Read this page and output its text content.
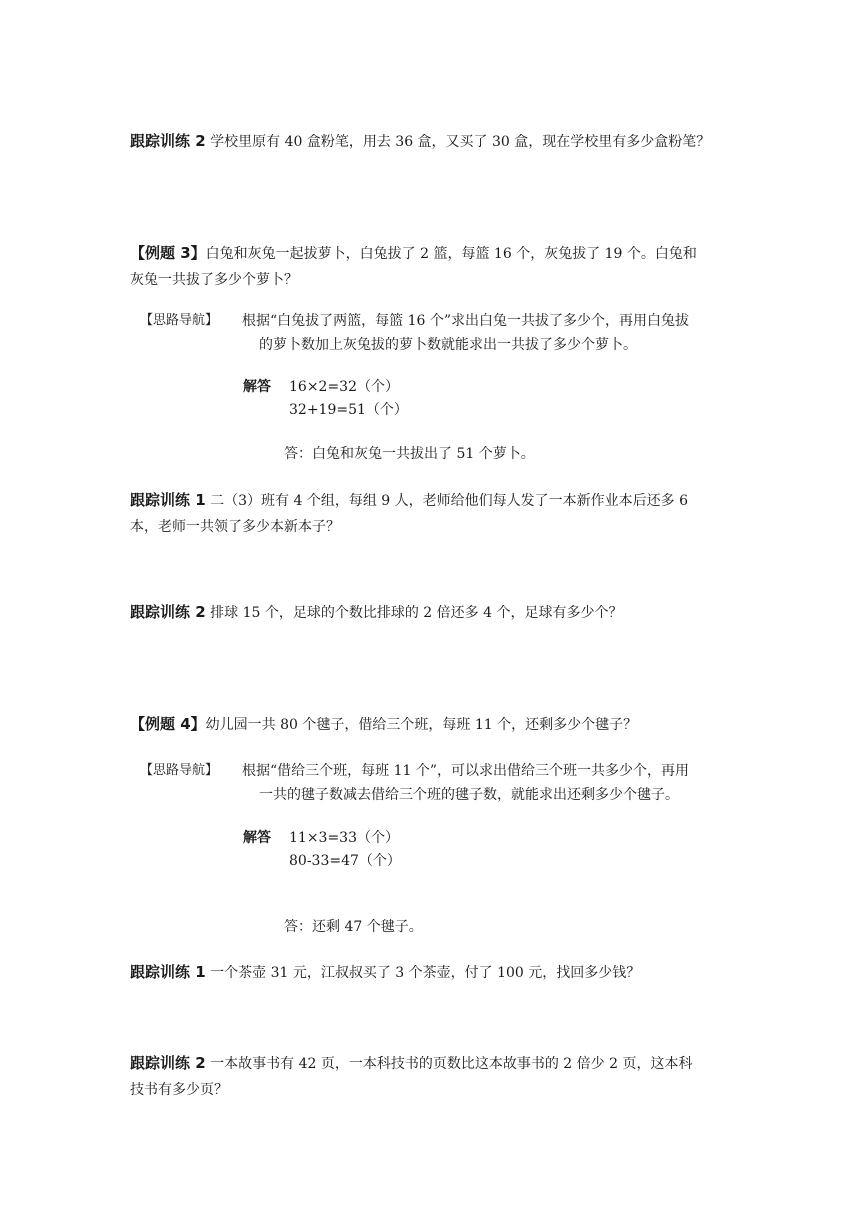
跟踪训练 2 学校里原有 40 盒粉笔，用去 36 盒，又买了 30 盒，现在学校里有多少盒粉笔？
【例题 3】白兔和灰兔一起拔萝卜，白兔拔了 2 篮，每篮 16 个，灰兔拔了 19 个。白兔和
灰兔一共拔了多少个萝卜？
【思路导航】 根据“白兔拔了两篮，每篮 16 个”求出白兔一共拔了多少个，再用白兔拔
的萝卜数加上灰兔拔的萝卜数就能求出一共拔了多少个萝卜。
解答 16×2=32（个）
32+19=51（个）
答：白兔和灰兔一共拔出了 51 个萝卜。
跟踪训练 1 二（3）班有 4 个组，每组 9 人，老师给他们每人发了一本新作业本后还多 6
本，老师一共领了多少本新本子？
跟踪训练 2 排球 15 个，足球的个数比排球的 2 倍还多 4 个，足球有多少个？
【例题 4】幼儿园一共 80 个毽子，借给三个班，每班 11 个，还剩多少个毽子？
【思路导航】 根据“借给三个班，每班 11 个”，可以求出借给三个班一共多少个，再用
一共的毽子数减去借给三个班的毽子数，就能求出还剩多少个毽子。
解答 11×3=33（个）
80-33=47（个）
答：还剩 47 个毽子。
跟踪训练 1 一个茶壶 31 元，江叔叔买了 3 个茶壶，付了 100 元，找回多少钱？
跟踪训练 2 一本故事书有 42 页，一本科技书的页数比这本故事书的 2 倍少 2 页，这本科
技书有多少页？
